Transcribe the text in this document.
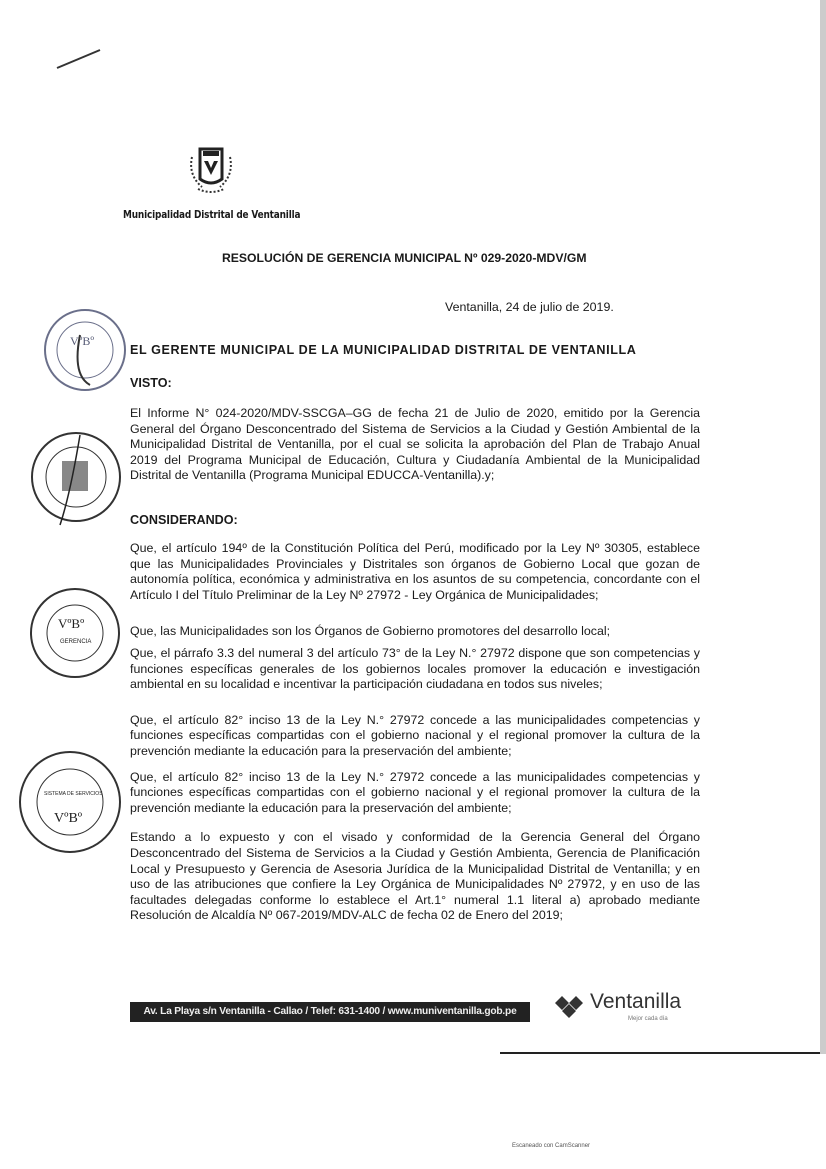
Municipalidad Distrital de Ventanilla
RESOLUCIÓN DE GERENCIA MUNICIPAL Nº 029-2020-MDV/GM
Ventanilla, 24 de julio de 2019.
EL GERENTE MUNICIPAL DE LA MUNICIPALIDAD DISTRITAL DE VENTANILLA
VISTO:
El Informe N° 024-2020/MDV-SSCGA–GG de fecha 21 de Julio de 2020, emitido por la Gerencia General del Órgano Desconcentrado del Sistema de Servicios a la Ciudad y Gestión Ambiental de la Municipalidad Distrital de Ventanilla, por el cual se solicita la aprobación del Plan de Trabajo Anual 2019 del Programa Municipal de Educación, Cultura y Ciudadanía Ambiental de la Municipalidad Distrital de Ventanilla (Programa Municipal EDUCCA-Ventanilla).y;
CONSIDERANDO:

Que, el artículo 194º de la Constitución Política del Perú, modificado por la Ley Nº 30305, establece que las Municipalidades Provinciales y Distritales son órganos de Gobierno Local que gozan de autonomía política, económica y administrativa en los asuntos de su competencia, concordante con el Artículo I del Título Preliminar de la Ley Nº 27972 - Ley Orgánica de Municipalidades;

Que, las Municipalidades son los Órganos de Gobierno promotores del desarrollo local;

Que, el párrafo 3.3 del numeral 3 del artículo 73° de la Ley N.° 27972 dispone que son competencias y funciones específicas generales de los gobiernos locales promover la educación e investigación ambiental en su localidad e incentivar la participación ciudadana en todos sus niveles;

Que, el artículo 82° inciso 13 de la Ley N.° 27972 concede a las municipalidades competencias y funciones específicas compartidas con el gobierno nacional y el regional promover la cultura de la prevención mediante la educación para la preservación del ambiente;

Que, el artículo 82° inciso 13 de la Ley N.° 27972 concede a las municipalidades competencias y funciones específicas compartidas con el gobierno nacional y el regional promover la cultura de la prevención mediante la educación para la preservación del ambiente;

Estando a lo expuesto y con el visado y conformidad de la Gerencia General del Órgano Desconcentrado del Sistema de Servicios a la Ciudad y Gestión Ambienta, Gerencia de Planificación Local y Presupuesto y Gerencia de Asesoria Jurídica de la Municipalidad Distrital de Ventanilla; y en uso de las atribuciones que confiere la Ley Orgánica de Municipalidades Nº 27972, y en uso de las facultades delegadas conforme lo establece el Art.1° numeral 1.1 literal a) aprobado mediante Resolución de Alcaldía Nº 067-2019/MDV-ALC de fecha 02 de Enero del 2019;

VºBº
VºBº
GERENCIA
VºBº
SISTEMA DE SERVICIOS
Av. La Playa s/n Ventanilla - Callao / Telef: 631-1400 / www.muniventanilla.gob.pe	Ventanilla
Mejor cada día
Escaneado con CamScanner
